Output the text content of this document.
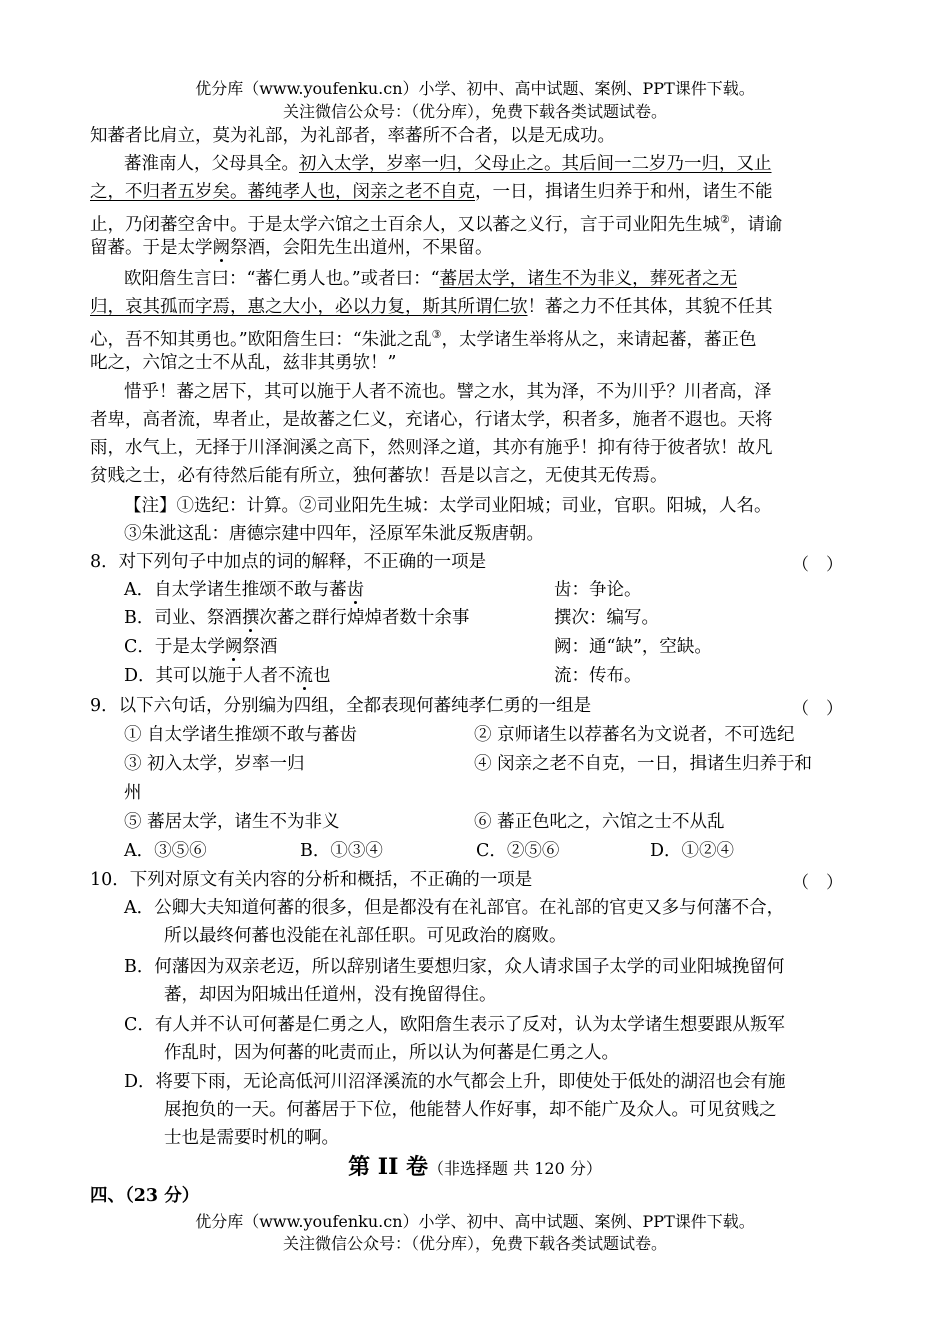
优分库（www.youfenku.cn）小学、初中、高中试题、案例、PPT课件下载。
关注微信公众号：（优分库），免费下载各类试题试卷。
知蕃者比肩立，莫为礼部，为礼部者，率蕃所不合者，以是无成功。
蕃淮南人，父母具全。初入太学，岁率一归，父母止之。其后间一二岁乃一归，又止
之，不归者五岁矣。蕃纯孝人也，闵亲之老不自克，一日，揖诸生归养于和州，诸生不能
止，乃闭蕃空舍中。于是太学六馆之士百余人，又以蕃之义行，言于司业阳先生城②，请谕
留蕃。于是太学阙祭酒，会阳先生出道州，不果留。
欧阳詹生言曰：“蕃仁勇人也。”或者曰：“蕃居太学，诸生不为非义，葬死者之无
归，哀其孤而字焉，惠之大小，必以力复，斯其所谓仁欤！蕃之力不任其体，其貌不任其
心，吾不知其勇也。”欧阳詹生曰：“朱泚之乱③，太学诸生举将从之，来请起蕃，蕃正色
叱之，六馆之士不从乱，兹非其勇欤！”
惜乎！蕃之居下，其可以施于人者不流也。譬之水，其为泽，不为川乎？川者高，泽
者卑，高者流，卑者止，是故蕃之仁义，充诸心，行诸太学，积者多，施者不遐也。天将
雨，水气上，无择于川泽涧溪之高下，然则泽之道，其亦有施乎！抑有待于彼者欤！故凡
贫贱之士，必有待然后能有所立，独何蕃欤！吾是以言之，无使其无传焉。
【注】①选纪：计算。②司业阳先生城：太学司业阳城；司业，官职。阳城，人名。
③朱泚这乱：唐德宗建中四年，泾原军朱泚反叛唐朝。
8．对下列句子中加点的词的解释，不正确的一项是	（　）
A．自太学诸生推颂不敢与蕃齿	齿：争论。
B．司业、祭酒撰次蕃之群行焯焯者数十余事	撰次：编写。
C．于是太学阙祭酒	阙：通“缺”，空缺。
D．其可以施于人者不流也	流：传布。
9．以下六句话，分别编为四组，全都表现何蕃纯孝仁勇的一组是	（　）
① 自太学诸生推颂不敢与蕃齿	② 京师诸生以荐蕃名为文说者，不可选纪
③ 初入太学，岁率一归	④ 闵亲之老不自克，一日，揖诸生归养于和
州
⑤ 蕃居太学，诸生不为非义	⑥ 蕃正色叱之，六馆之士不从乱
A．③⑤⑥	B．①③④	C．②⑤⑥	D．①②④
10．下列对原文有关内容的分析和概括，不正确的一项是	（　）
A．公卿大夫知道何蕃的很多，但是都没有在礼部官。在礼部的官吏又多与何藩不合，
所以最终何蕃也没能在礼部任职。可见政治的腐败。
B．何藩因为双亲老迈，所以辞别诸生要想归家，众人请求国子太学的司业阳城挽留何
蕃，却因为阳城出任道州，没有挽留得住。
C．有人并不认可何蕃是仁勇之人，欧阳詹生表示了反对，认为太学诸生想要跟从叛军
作乱时，因为何蕃的叱责而止，所以认为何蕃是仁勇之人。
D．将要下雨，无论高低河川沼泽溪流的水气都会上升，即使处于低处的湖沼也会有施
展抱负的一天。何蕃居于下位，他能替人作好事，却不能广及众人。可见贫贱之
士也是需要时机的啊。
第 II 卷（非选择题 共 120 分）
四、（23 分）
优分库（www.youfenku.cn）小学、初中、高中试题、案例、PPT课件下载。
关注微信公众号：（优分库），免费下载各类试题试卷。
